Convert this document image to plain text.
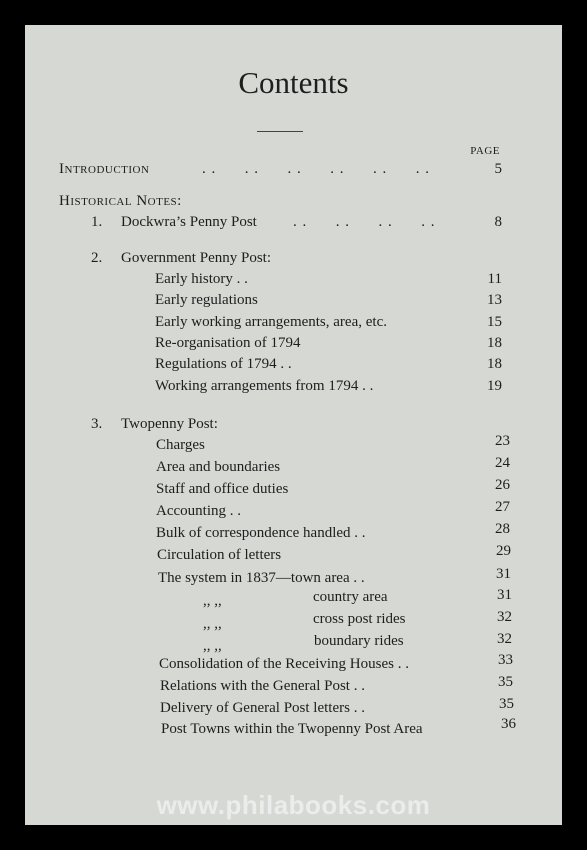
Contents
PAGE
Introduction	. . . . . . . . . . . .	5
Historical Notes:
1. Dockwra’s Penny Post . . . . . . . .	8
2. Government Penny Post:
Early history . .	11
Early regulations	13
Early working arrangements, area, etc.	15
Re-organisation of 1794	18
Regulations of 1794 . .	18
Working arrangements from 1794 . .	19
3. Twopenny Post:
Charges	23
Area and boundaries	24
Staff and office duties	26
Accounting . .	27
Bulk of correspondence handled . .	28
Circulation of letters	29
The system in 1837—town area . .	31
,, ,,	country area	31
,, ,,	cross post rides	32
,, ,,	boundary rides	32
Consolidation of the Receiving Houses . .	33
Relations with the General Post . .	35
Delivery of General Post letters . .	35
Post Towns within the Twopenny Post Area	36
www.philabooks.com
